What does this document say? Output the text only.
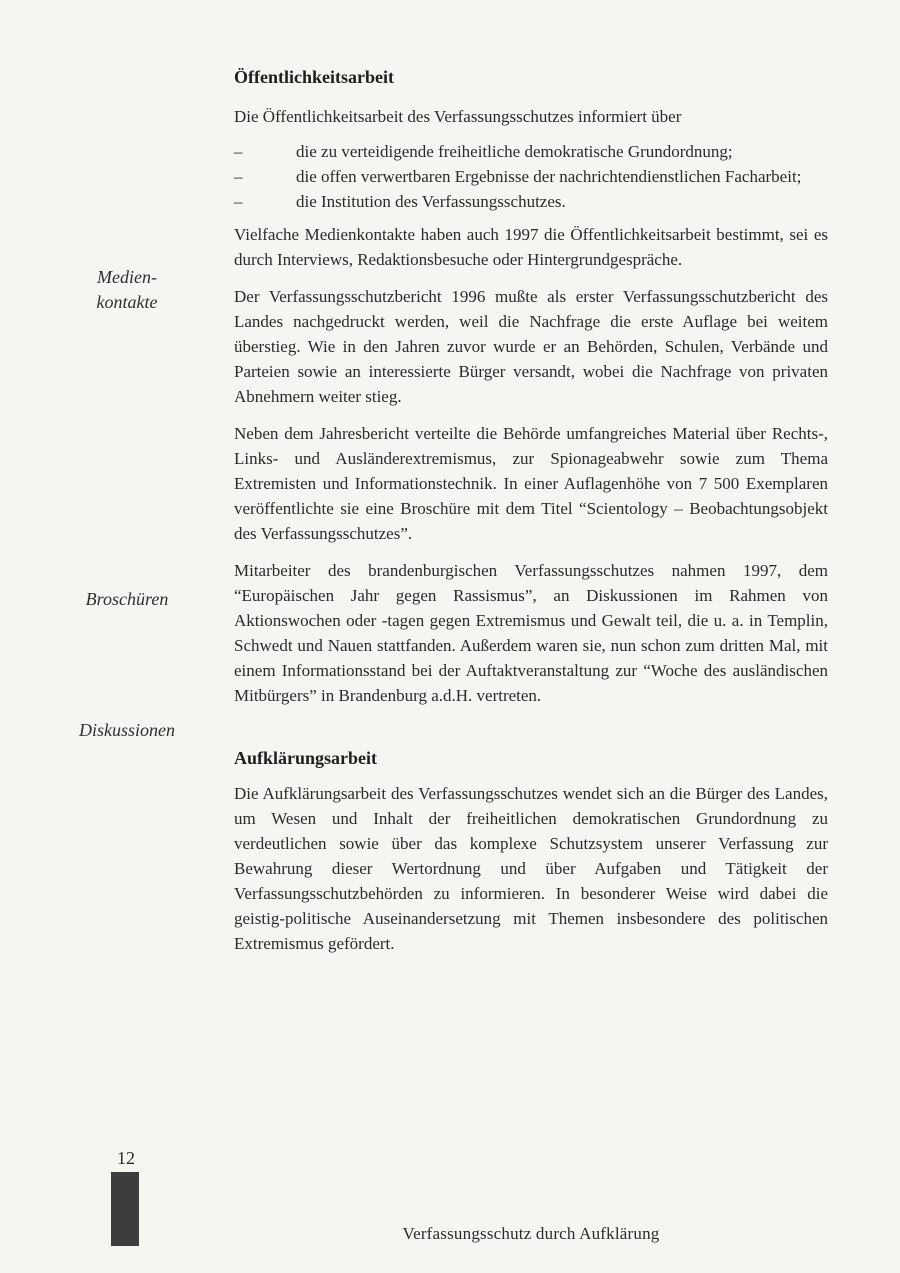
Medien-
kontakte
Broschüren
Diskussionen
Öffentlichkeitsarbeit

Die Öffentlichkeitsarbeit des Verfassungsschutzes informiert über

– die zu verteidigende freiheitliche demokratische Grundordnung;
– die offen verwertbaren Ergebnisse der nachrichtendienstlichen Facharbeit;
– die Institution des Verfassungsschutzes.

Vielfache Medienkontakte haben auch 1997 die Öffentlichkeitsarbeit bestimmt, sei es durch Interviews, Redaktionsbesuche oder Hintergrundgespräche.

Der Verfassungsschutzbericht 1996 mußte als erster Verfassungsschutzbericht des Landes nachgedruckt werden, weil die Nachfrage die erste Auflage bei weitem überstieg. Wie in den Jahren zuvor wurde er an Behörden, Schulen, Verbände und Parteien sowie an interessierte Bürger versandt, wobei die Nachfrage von privaten Abnehmern weiter stieg.

Neben dem Jahresbericht verteilte die Behörde umfangreiches Material über Rechts-, Links- und Ausländerextremismus, zur Spionageabwehr sowie zum Thema Extremisten und Informationstechnik. In einer Auflagenhöhe von 7 500 Exemplaren veröffentlichte sie eine Broschüre mit dem Titel “Scientology – Beobachtungsobjekt des Verfassungsschutzes”.

Mitarbeiter des brandenburgischen Verfassungsschutzes nahmen 1997, dem “Europäischen Jahr gegen Rassismus”, an Diskussionen im Rahmen von Aktionswochen oder -tagen gegen Extremismus und Gewalt teil, die u. a. in Templin, Schwedt und Nauen stattfanden. Außerdem waren sie, nun schon zum dritten Mal, mit einem Informationsstand bei der Auftaktveranstaltung zur “Woche des ausländischen Mitbürgers” in Brandenburg a.d.H. vertreten.

Aufklärungsarbeit

Die Aufklärungsarbeit des Verfassungsschutzes wendet sich an die Bürger des Landes, um Wesen und Inhalt der freiheitlichen demokratischen Grundordnung zu verdeutlichen sowie über das komplexe Schutzsystem unserer Verfassung zur Bewahrung dieser Wertordnung und über Aufgaben und Tätigkeit der Verfassungsschutzbehörden zu informieren. In besonderer Weise wird dabei die geistig-politische Auseinandersetzung mit Themen insbesondere des politischen Extremismus gefördert.

12
Verfassungsschutz durch Aufklärung
